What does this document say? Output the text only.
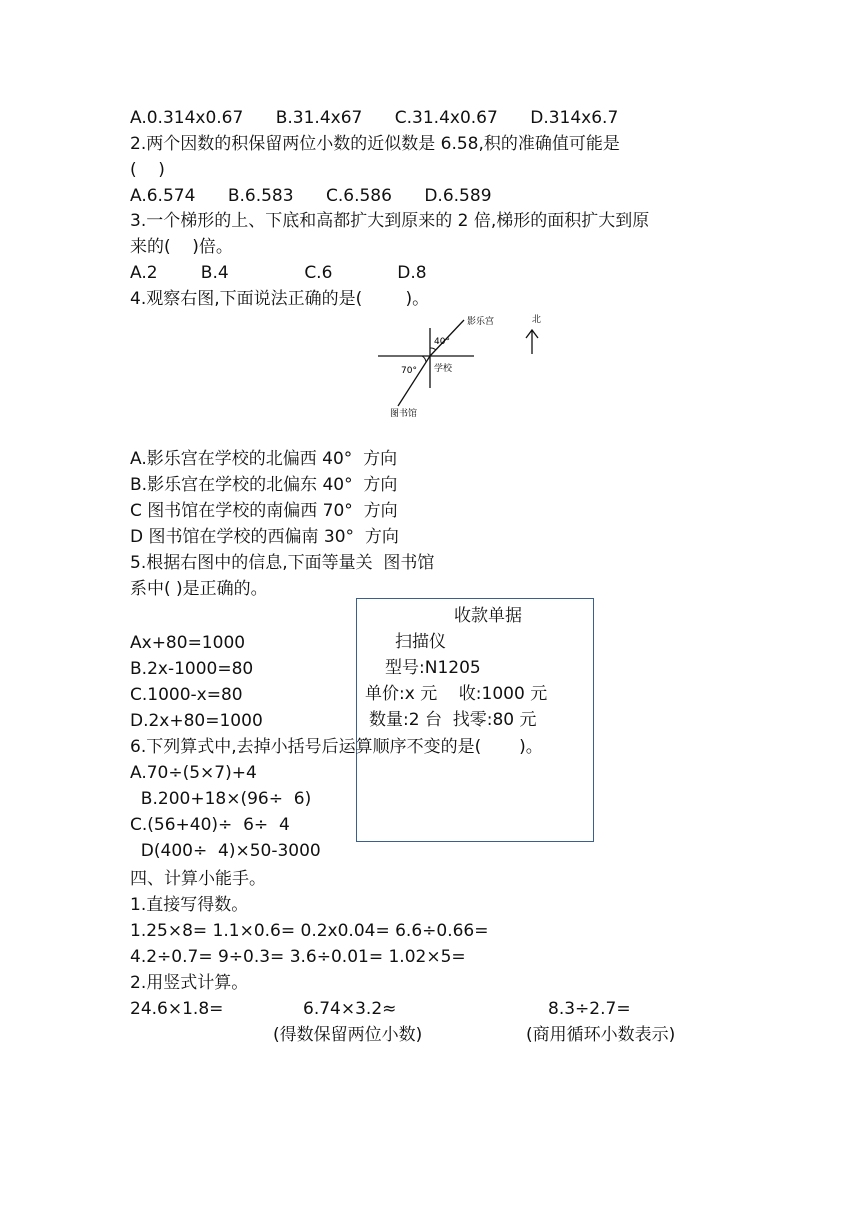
A.0.314x0.67      B.31.4x67      C.31.4x0.67      D.314x6.7
2.两个因数的积保留两位小数的近似数是 6.58,积的准确值可能是
(    )
A.6.574      B.6.583      C.6.586      D.6.589
3.一个梯形的上、下底和高都扩大到原来的 2 倍,梯形的面积扩大到原
来的(    )倍。
A.2        B.4              C.6            D.8
4.观察右图,下面说法正确的是(        )。
影乐宫
40°
70° 学校
图书馆
北
A.影乐宫在学校的北偏西 40°  方向
B.影乐宫在学校的北偏东 40°  方向
C 图书馆在学校的南偏西 70°  方向
D 图书馆在学校的西偏南 30°  方向
5.根据右图中的信息,下面等量关  图书馆
系中( )是正确的。
收款单据
扫描仪
型号:N1205
单价:x 元    收:1000 元
数量:2 台  找零:80 元
Ax+80=1000
B.2x-1000=80
C.1000-x=80
D.2x+80=1000
6.下列算式中,去掉小括号后运算顺序不变的是(       )。
A.70÷(5×7)+4
B.200+18×(96÷  6)
C.(56+40)÷  6÷  4
D(400÷  4)×50-3000
四、计算小能手。
1.直接写得数。
1.25×8= 1.1×0.6= 0.2x0.04= 6.6÷0.66=
4.2÷0.7= 9÷0.3= 3.6÷0.01= 1.02×5=
2.用竖式计算。
24.6×1.8=	6.74×3.2≈	8.3÷2.7=
(得数保留两位小数)	(商用循环小数表示)
